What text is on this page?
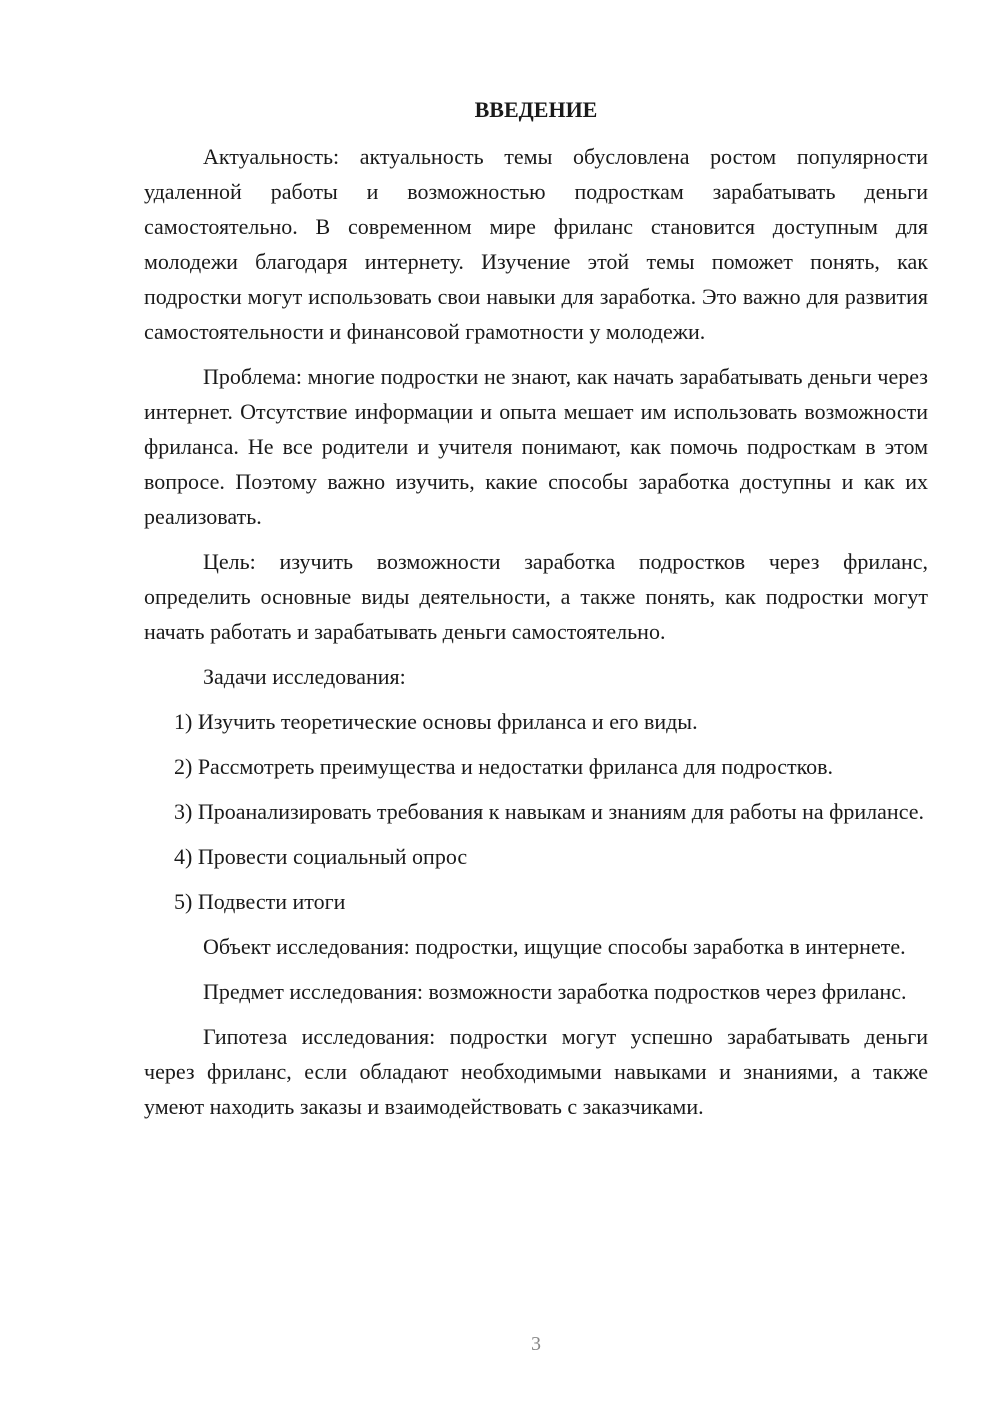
ВВЕДЕНИЕ

Актуальность: актуальность темы обусловлена ростом популярности удаленной работы и возможностью подросткам зарабатывать деньги самостоятельно. В современном мире фриланс становится доступным для молодежи благодаря интернету. Изучение этой темы поможет понять, как подростки могут использовать свои навыки для заработка. Это важно для развития самостоятельности и финансовой грамотности у молодежи.

Проблема: многие подростки не знают, как начать зарабатывать деньги через интернет. Отсутствие информации и опыта мешает им использовать возможности фриланса. Не все родители и учителя понимают, как помочь подросткам в этом вопросе. Поэтому важно изучить, какие способы заработка доступны и как их реализовать.

Цель: изучить возможности заработка подростков через фриланс, определить основные виды деятельности, а также понять, как подростки могут начать работать и зарабатывать деньги самостоятельно.

Задачи исследования:

1) Изучить теоретические основы фриланса и его виды.

2) Рассмотреть преимущества и недостатки фриланса для подростков.

3) Проанализировать требования к навыкам и знаниям для работы на фрилансе.

4) Провести социальный опрос

5) Подвести итоги

Объект исследования: подростки, ищущие способы заработка в интернете.

Предмет исследования: возможности заработка подростков через фриланс.

Гипотеза исследования: подростки могут успешно зарабатывать деньги через фриланс, если обладают необходимыми навыками и знаниями, а также умеют находить заказы и взаимодействовать с заказчиками.

3
